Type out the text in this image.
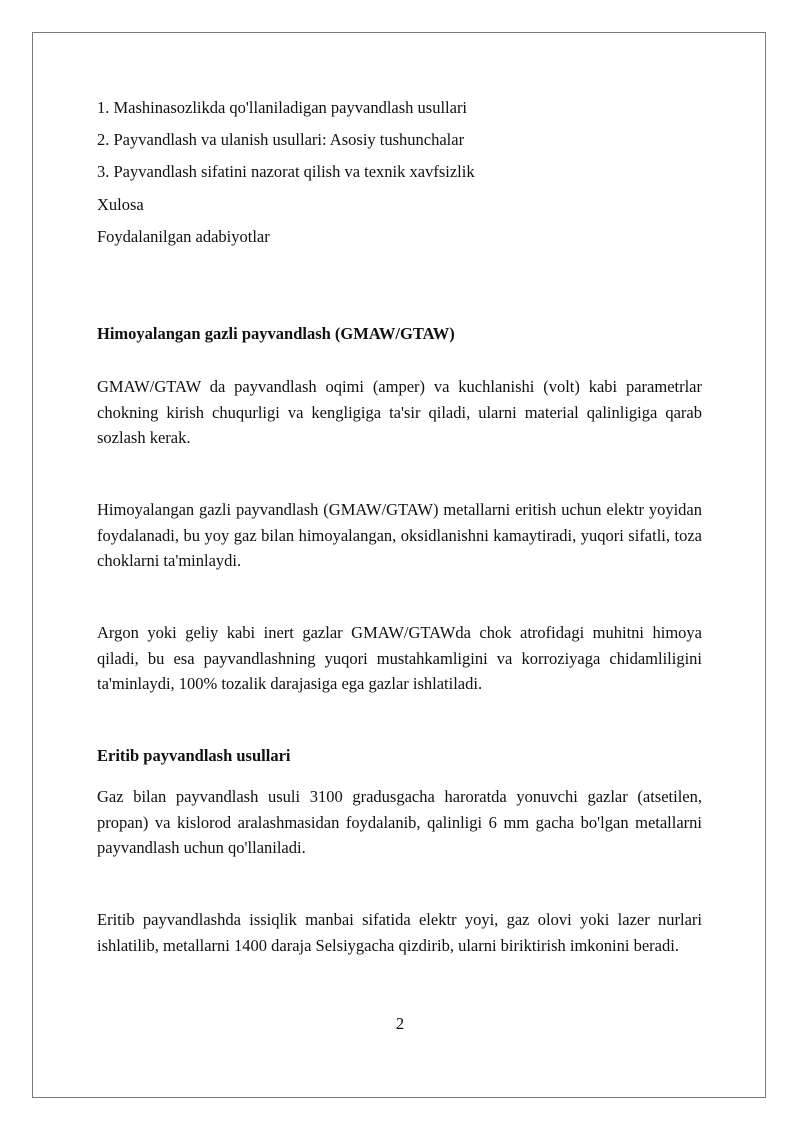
1. Mashinasozlikda qo'llaniladigan payvandlash usullari
2. Payvandlash va ulanish usullari: Asosiy tushunchalar
3. Payvandlash sifatini nazorat qilish va texnik xavfsizlik
Xulosa
Foydalanilgan adabiyotlar
Himoyalangan gazli payvandlash (GMAW/GTAW)
GMAW/GTAW da payvandlash oqimi (amper) va kuchlanishi (volt) kabi parametrlar chokning kirish chuqurligi va kengligiga ta'sir qiladi, ularni material qalinligiga qarab sozlash kerak.
Himoyalangan gazli payvandlash (GMAW/GTAW) metallarni eritish uchun elektr yoyidan foydalanadi, bu yoy gaz bilan himoyalangan, oksidlanishni kamaytiradi, yuqori sifatli, toza choklarni ta'minlaydi.
Argon yoki geliy kabi inert gazlar GMAW/GTAWda chok atrofidagi muhitni himoya qiladi, bu esa payvandlashning yuqori mustahkamligini va korroziyaga chidamliligini ta'minlaydi, 100% tozalik darajasiga ega gazlar ishlatiladi.
Eritib payvandlash usullari
Gaz bilan payvandlash usuli 3100 gradusgacha haroratda yonuvchi gazlar (atsetilen, propan) va kislorod aralashmasidan foydalanib, qalinligi 6 mm gacha bo'lgan metallarni payvandlash uchun qo'llaniladi.
Eritib payvandlashda issiqlik manbai sifatida elektr yoyi, gaz olovi yoki lazer nurlari ishlatilib, metallarni 1400 daraja Selsiygacha qizdirib, ularni biriktirish imkonini beradi.
2
